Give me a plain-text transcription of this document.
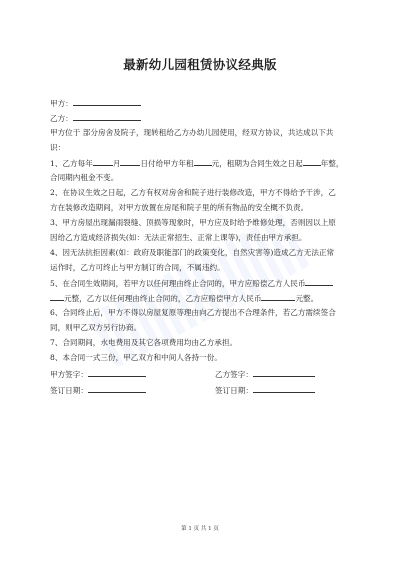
最新幼儿园租赁协议经典版
甲方：
乙方：
甲方位于 部分房舍及院子，现转租给乙方办幼儿园使用，经双方协议，共达成以下共
识：
1、乙方每年	月	日付给甲方年租 元，租期为合同生效之日起 年整，
合同期内租金不变。
2、在协议生效之日起，乙方有权对房舍和院子进行装修改造，甲方不得给予干涉，乙
方在装修改造期间，对甲方放置在房尾和院子里的所有物品的安全概不负责。
3、甲方房屋出现漏雨裂缝、顶损等现象时，甲方应及时给予维修处理，否则因以上原
因给乙方造成经济损失(如：无法正常招生、正常上课等)，责任由甲方承担。
4、因无法抗拒因素(如：政府及职能部门的政策变化，自然灾害等)造成乙方无法正常
运作时，乙方可终止与甲方制订的合同，不属违约。
5、在合同生效期间，若甲方以任何理由终止合同的，甲方应赔偿乙方人民币
元整，乙方以任何理由终止合同的，乙方应赔偿甲方人民币	元整。
6、合同终止后，甲方不得以房屋复原等理由向乙方提出不合理条件，若乙方需续签合
同，则甲乙双方另行协商。
7、合同期间，水电费用及其它各项费用均由乙方承担。
8、本合同一式三份，甲乙双方和中间人各持一份。
甲方签字：	乙方签字：
签订日期：	签订日期：
第 1 页 共 1 页
